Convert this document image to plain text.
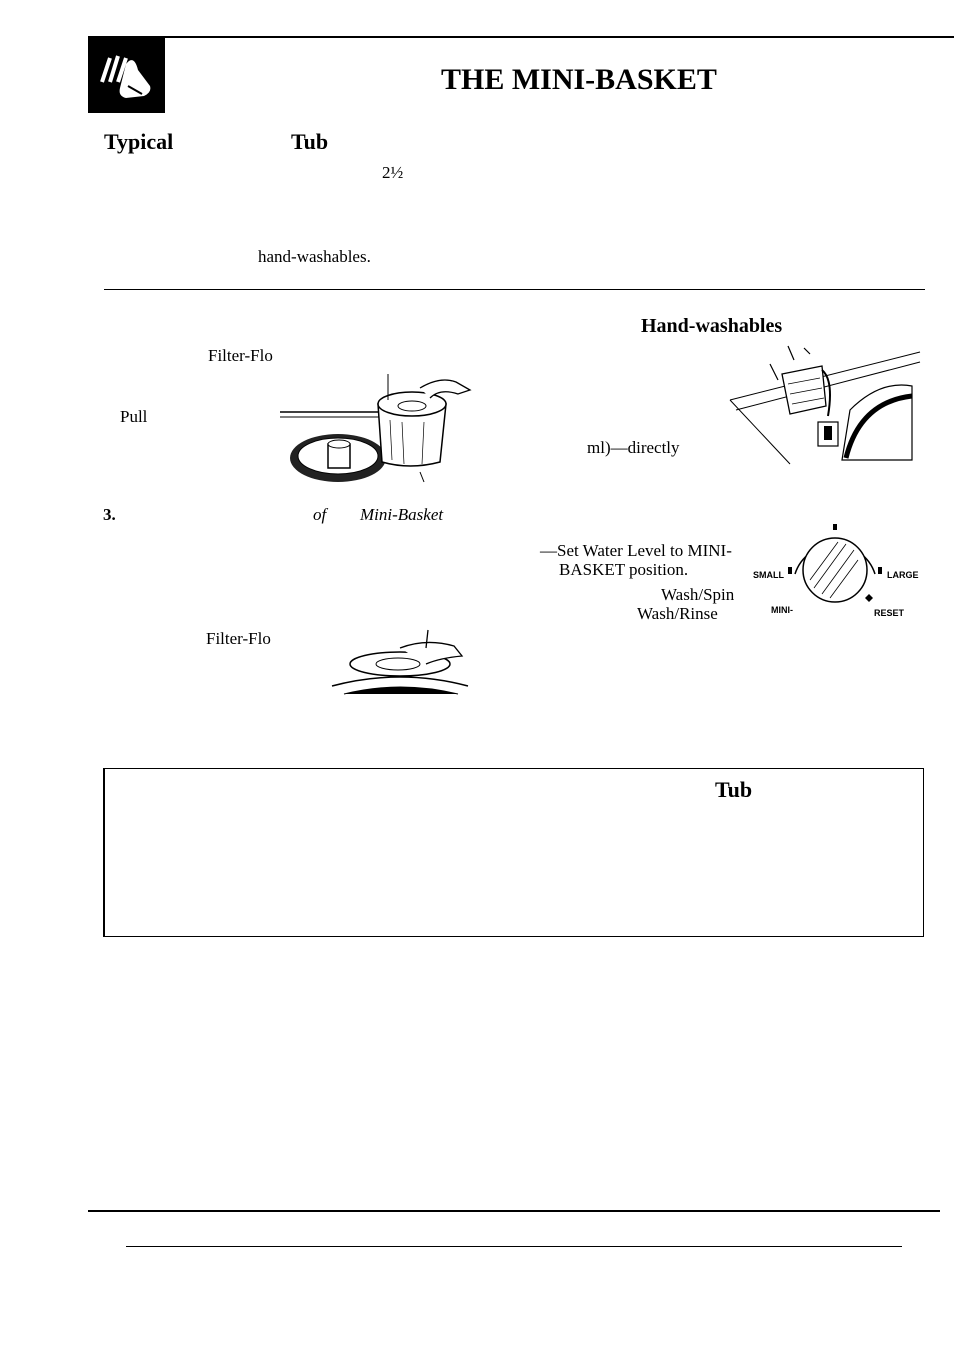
THE MINI-BASKET
Typical	Tub
2½
hand-washables.
Filter-Flo
Pull
3.	of Mini-Basket
Filter-Flo
Hand-washables
ml)—directly
—Set Water Level to MINI-
BASKET position.
Wash/Spin
Wash/Rinse
SMALL	LARGE
MINI-	RESET
Tub
